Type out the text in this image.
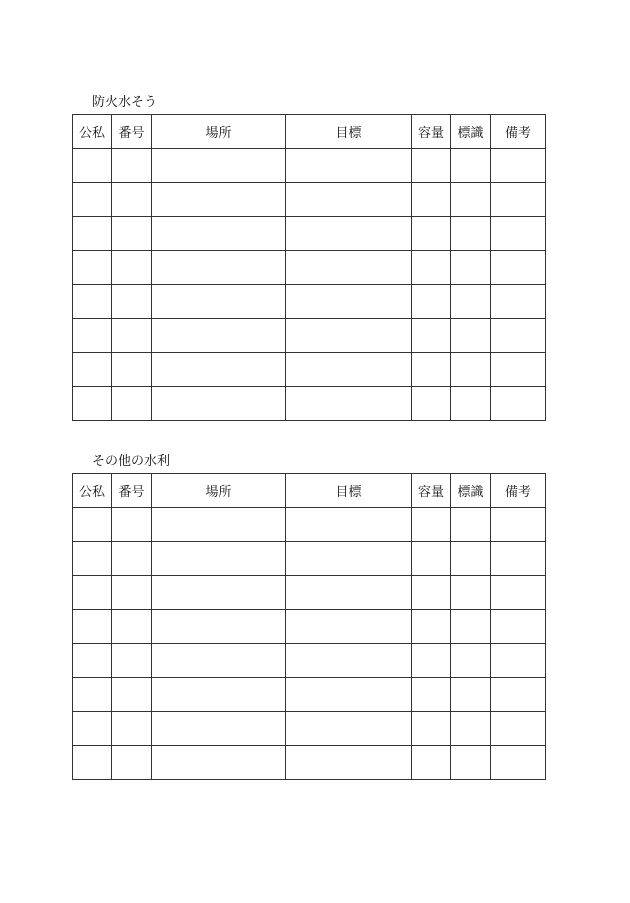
防火水そう
公私	番号	場所	目標	容量	標識	備考

その他の水利
公私	番号	場所	目標	容量	標識	備考
